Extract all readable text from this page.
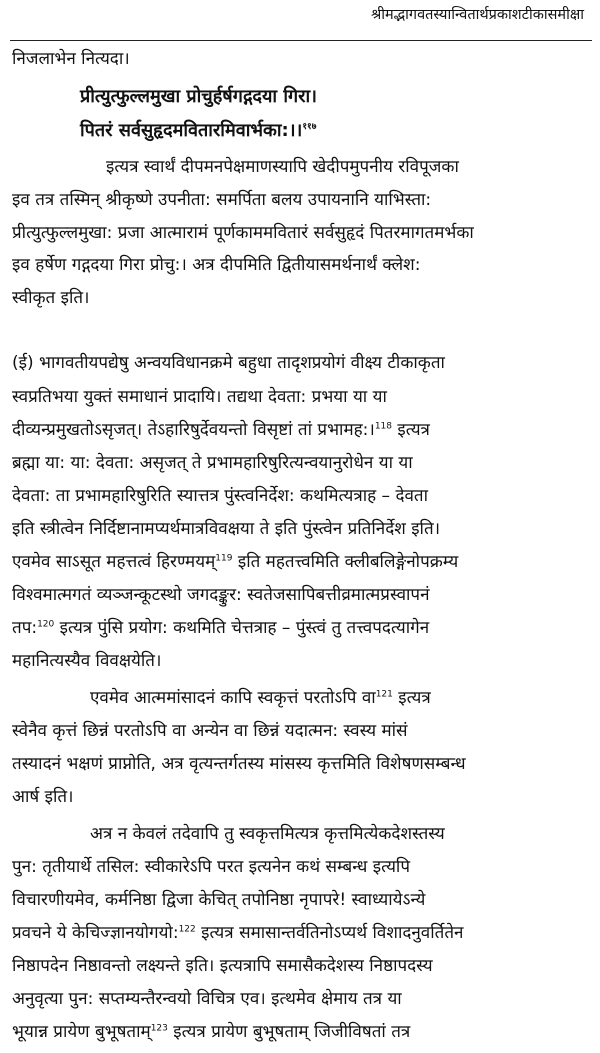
श्रीमद्भागवतस्यान्वितार्थप्रकाशटीकासमीक्षा
निजलाभेन नित्यदा।
प्रीत्युत्फुल्लमुखा प्रोचुर्हर्षगद्गदया गिरा।
पितरं सर्वसुहृदमवितारमिवार्भका:।।$^{११७}$
इत्यत्र स्वार्थं दीपमनपेक्षमाणस्यापि खेदीपमुपनीय रविपूजका
इव तत्र तस्मिन् श्रीकृष्णे उपनीता: समर्पिता बलय उपायनानि याभिस्ता:
प्रीत्युत्फुल्लमुखा: प्रजा आत्मारामं पूर्णकाममवितारं सर्वसुहृदं पितरमागतमर्भका
इव हर्षेण गद्गदया गिरा प्रोचु:। अत्र दीपमिति द्वितीयासमर्थनार्थं क्लेश:
स्वीकृत इति।
(ई) भागवतीयपद्येषु अन्वयविधानक्रमे बहुधा तादृशप्रयोगं वीक्ष्य टीकाकृता
स्वप्रतिभया युक्तं समाधानं प्रादायि। तद्यथा देवता: प्रभया या या
दीव्यन्प्रमुखतोऽसृजत्। तेऽहारिषुर्देवयन्तो विसृष्टां तां प्रभामह:।$^{118}$ इत्यत्र
ब्रह्मा या: या: देवता: असृजत् ते प्रभामहारिषुरित्यन्वयानुरोधेन या या
देवता: ता प्रभामहारिषुरिति स्यात्तत्र पुंस्त्वनिर्देश: कथमित्यत्राह – देवता
इति स्त्रीत्वेन निर्दिष्टानामप्यर्थमात्रविवक्षया ते इति पुंस्त्वेन प्रतिनिर्देश इति।
एवमेव साऽसूत महत्तत्वं हिरण्मयम्$^{119}$ इति महतत्त्वमिति क्लीबलिङ्गेनोपक्रम्य
विश्वमात्मगतं व्यञ्जन्कूटस्थो जगदङ्कुर: स्वतेजसापिबत्तीव्रमात्मप्रस्वापनं
तप:$^{120}$ इत्यत्र पुंसि प्रयोग: कथमिति चेत्तत्राह – पुंस्त्वं तु तत्त्वपदत्यागेन
महानित्यस्यैव विवक्षयेति।
एवमेव आत्ममांसादनं कापि स्वकृत्तं परतोऽपि वा$^{121}$ इत्यत्र
स्वेनैव कृत्तं छिन्नं परतोऽपि वा अन्येन वा छिन्नं यदात्मन: स्वस्य मांसं
तस्यादनं भक्षणं प्राप्नोति, अत्र वृत्यन्तर्गतस्य मांसस्य कृत्तमिति विशेषणसम्बन्ध
आर्ष इति।
अत्र न केवलं तदेवापि तु स्वकृत्तमित्यत्र कृत्तमित्येकदेशस्तस्य
पुन: तृतीयार्थे तसिल: स्वीकारेऽपि परत इत्यनेन कथं सम्बन्ध इत्यपि
विचारणीयमेव, कर्मनिष्ठा द्विजा केचित् तपोनिष्ठा नृपापरे! स्वाध्यायेऽन्ये
प्रवचने ये केचिज्ज्ञानयोगयो:$^{122}$ इत्यत्र समासान्तर्वतिनोऽप्यर्थ विशादनुवर्तितेन
निष्ठापदेन निष्ठावन्तो लक्ष्यन्ते इति। इत्यत्रापि समासैकदेशस्य निष्ठापदस्य
अनुवृत्या पुन: सप्तम्यन्तैरन्वयो विचित्र एव। इत्थमेव क्षेमाय तत्र या
भूयान्न प्रायेण बुभूषताम्$^{123}$ इत्यत्र प्रायेण बुभूषताम् जिजीविषतां तत्र
